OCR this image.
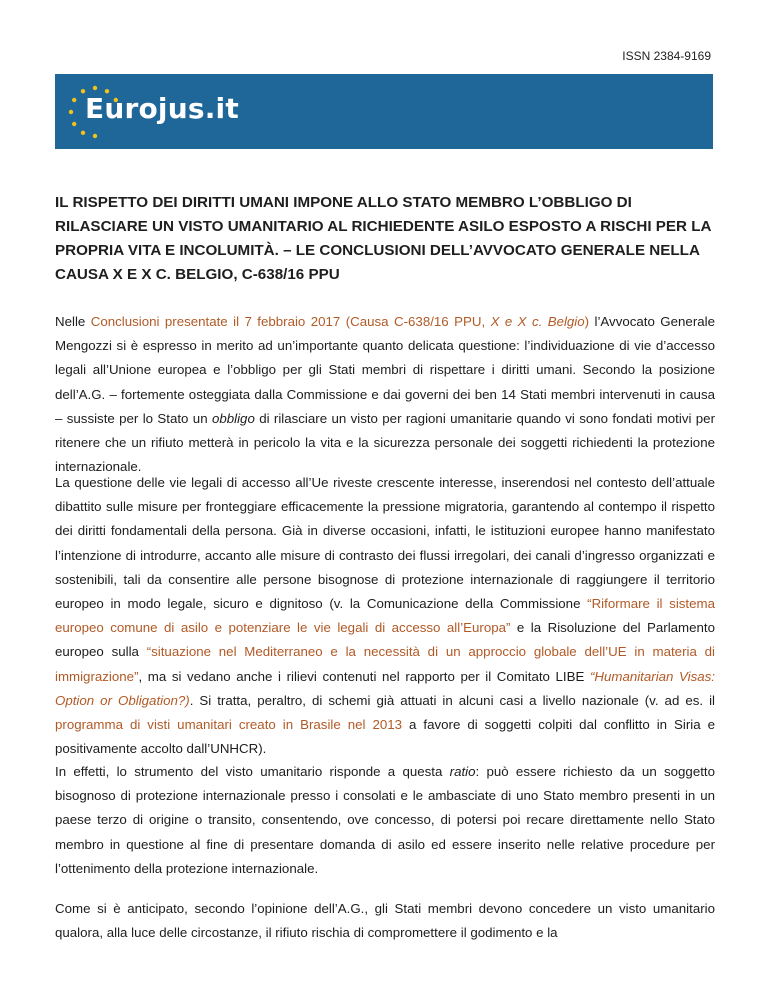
ISSN 2384-9169
Eurojus.it
IL RISPETTO DEI DIRITTI UMANI IMPONE ALLO STATO MEMBRO L’OBBLIGO DI RILASCIARE UN VISTO UMANITARIO AL RICHIEDENTE ASILO ESPOSTO A RISCHI PER LA PROPRIA VITA E INCOLUMITÀ. – LE CONCLUSIONI DELL’AVVOCATO GENERALE NELLA CAUSA X E X C. BELGIO, C-638/16 PPU

Nelle Conclusioni presentate il 7 febbraio 2017 (Causa C-638/16 PPU, X e X c. Belgio) l’Avvocato Generale Mengozzi si è espresso in merito ad un’importante quanto delicata questione: l’individuazione di vie d’accesso legali all’Unione europea e l’obbligo per gli Stati membri di rispettare i diritti umani. Secondo la posizione dell’A.G. – fortemente osteggiata dalla Commissione e dai governi dei ben 14 Stati membri intervenuti in causa – sussiste per lo Stato un obbligo di rilasciare un visto per ragioni umanitarie quando vi sono fondati motivi per ritenere che un rifiuto metterà in pericolo la vita e la sicurezza personale dei soggetti richiedenti la protezione internazionale.

La questione delle vie legali di accesso all’Ue riveste crescente interesse, inserendosi nel contesto dell’attuale dibattito sulle misure per fronteggiare efficacemente la pressione migratoria, garantendo al contempo il rispetto dei diritti fondamentali della persona. Già in diverse occasioni, infatti, le istituzioni europee hanno manifestato l’intenzione di introdurre, accanto alle misure di contrasto dei flussi irregolari, dei canali d’ingresso organizzati e sostenibili, tali da consentire alle persone bisognose di protezione internazionale di raggiungere il territorio europeo in modo legale, sicuro e dignitoso (v. la Comunicazione della Commissione “Riformare il sistema europeo comune di asilo e potenziare le vie legali di accesso all’Europa” e la Risoluzione del Parlamento europeo sulla “situazione nel Mediterraneo e la necessità di un approccio globale dell’UE in materia di immigrazione”, ma si vedano anche i rilievi contenuti nel rapporto per il Comitato LIBE “Humanitarian Visas: Option or Obligation?). Si tratta, peraltro, di schemi già attuati in alcuni casi a livello nazionale (v. ad es. il programma di visti umanitari creato in Brasile nel 2013 a favore di soggetti colpiti dal conflitto in Siria e positivamente accolto dall’UNHCR).

In effetti, lo strumento del visto umanitario risponde a questa ratio: può essere richiesto da un soggetto bisognoso di protezione internazionale presso i consolati e le ambasciate di uno Stato membro presenti in un paese terzo di origine o transito, consentendo, ove concesso, di potersi poi recare direttamente nello Stato membro in questione al fine di presentare domanda di asilo ed essere inserito nelle relative procedure per l’ottenimento della protezione internazionale.

Come si è anticipato, secondo l’opinione dell’A.G., gli Stati membri devono concedere un visto umanitario qualora, alla luce delle circostanze, il rifiuto rischia di compromettere il godimento e la
